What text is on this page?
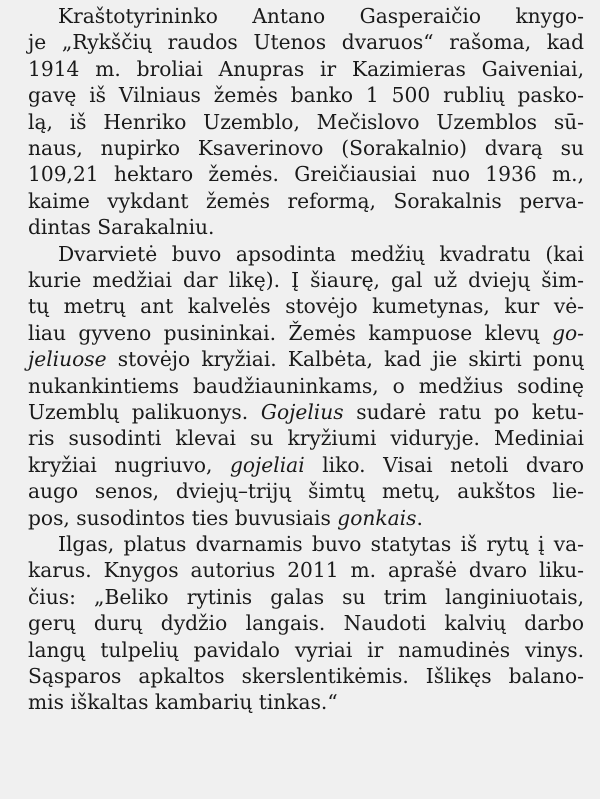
Kraštotyrininko Antano Gasperaičio knygo-
je „Rykščių raudos Utenos dvaruos“ rašoma, kad
1914 m. broliai Anupras ir Kazimieras Gaiveniai,
gavę iš Vilniaus žemės banko 1 500 rublių pasko-
lą, iš Henriko Uzemblo, Mečislovo Uzemblos sū-
naus, nupirko Ksaverinovo (Sorakalnio) dvarą su
109,21 hektaro žemės. Greičiausiai nuo 1936 m.,
kaime vykdant žemės reformą, Sorakalnis perva-
dintas Sarakalniu.
Dvarvietė buvo apsodinta medžių kvadratu (kai
kurie medžiai dar likę). Į šiaurę, gal už dviejų šim-
tų metrų ant kalvelės stovėjo kumetynas, kur vė-
liau gyveno pusininkai. Žemės kampuose klevų go-
jeliuose stovėjo kryžiai. Kalbėta, kad jie skirti ponų
nukankintiems baudžiauninkams, o medžius sodinę
Uzemblų palikuonys. Gojelius sudarė ratu po ketu-
ris susodinti klevai su kryžiumi viduryje. Mediniai
kryžiai nugriuvo, gojeliai liko. Visai netoli dvaro
augo senos, dviejų–trijų šimtų metų, aukštos lie-
pos, susodintos ties buvusiais gonkais.
Ilgas, platus dvarnamis buvo statytas iš rytų į va-
karus. Knygos autorius 2011 m. aprašė dvaro liku-
čius: „Beliko rytinis galas su trim langiniuotais,
gerų durų dydžio langais. Naudoti kalvių darbo
langų tulpelių pavidalo vyriai ir namudinės vinys.
Sąsparos apkaltos skerslentikėmis. Išlikęs balano-
mis iškaltas kambarių tinkas.“
